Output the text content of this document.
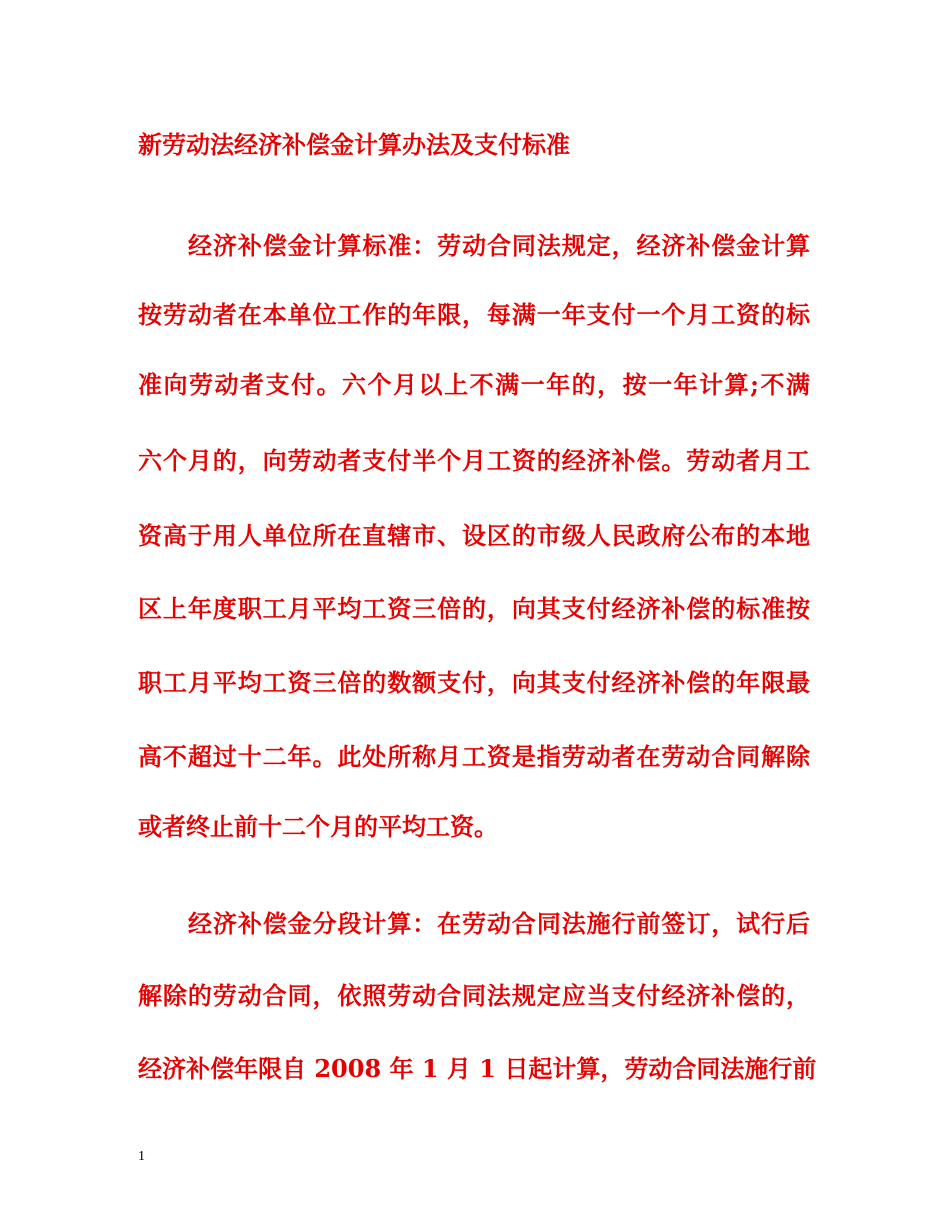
新劳动法经济补偿金计算办法及支付标准
经济补偿金计算标准：劳动合同法规定，经济补偿金计算
按劳动者在本单位工作的年限，每满一年支付一个月工资的标
准向劳动者支付。六个月以上不满一年的，按一年计算;不满
六个月的，向劳动者支付半个月工资的经济补偿。劳动者月工
资高于用人单位所在直辖市、设区的市级人民政府公布的本地
区上年度职工月平均工资三倍的，向其支付经济补偿的标准按
职工月平均工资三倍的数额支付，向其支付经济补偿的年限最
高不超过十二年。此处所称月工资是指劳动者在劳动合同解除
或者终止前十二个月的平均工资。
经济补偿金分段计算：在劳动合同法施行前签订，试行后
解除的劳动合同，依照劳动合同法规定应当支付经济补偿的，
经济补偿年限自 2008 年 1 月 1 日起计算，劳动合同法施行前
1
